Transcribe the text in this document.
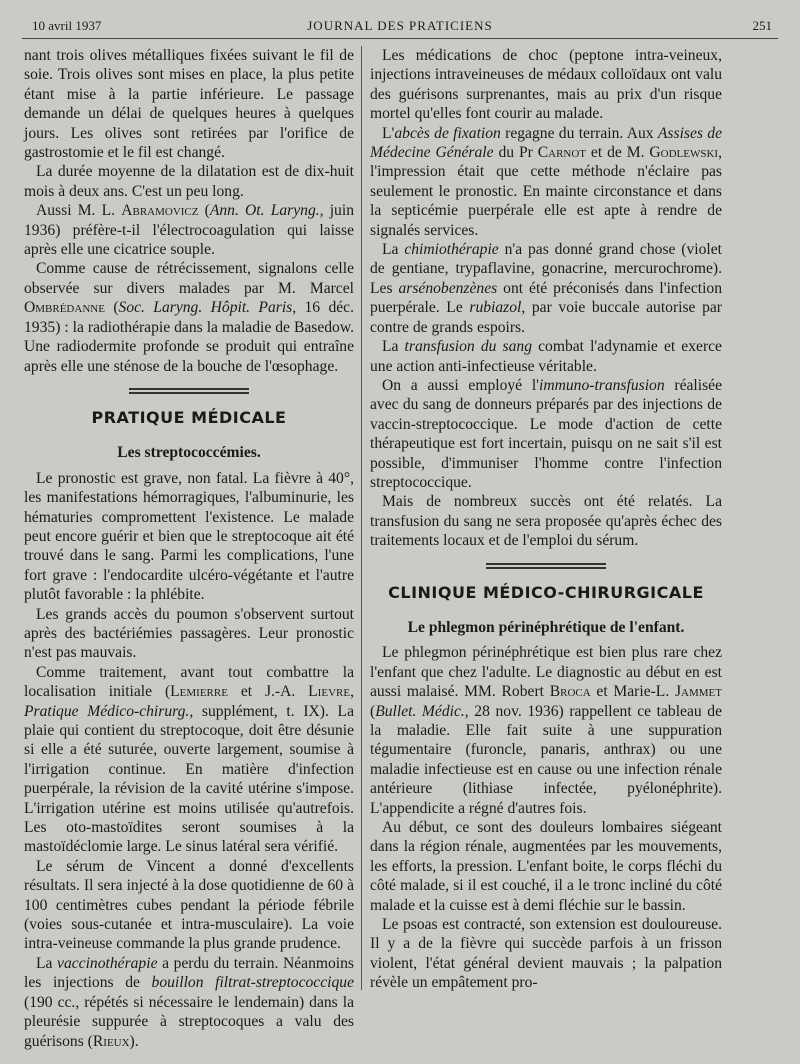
10 avril 1937	JOURNAL DES PRATICIENS	251

nant trois olives métalliques fixées suivant le fil de soie. Trois olives sont mises en place, la plus petite étant mise à la partie inférieure. Le passage demande un délai de quelques heures à quelques jours. Les olives sont retirées par l'orifice de gastrostomie et le fil est changé.

La durée moyenne de la dilatation est de dix-huit mois à deux ans. C'est un peu long.

Aussi M. L. Abramovicz (Ann. Ot. Laryng., juin 1936) préfère-t-il l'électrocoagulation qui laisse après elle une cicatrice souple.

Comme cause de rétrécissement, signalons celle observée sur divers malades par M. Marcel Ombrédanne (Soc. Laryng. Hôpit. Paris, 16 déc. 1935) : la radiothérapie dans la maladie de Basedow. Une radiodermite profonde se produit qui entraîne après elle une sténose de la bouche de l'œsophage.

PRATIQUE MÉDICALE
Les streptococcémies.

Le pronostic est grave, non fatal. La fièvre à 40°, les manifestations hémorragiques, l'albuminurie, les hématuries compromettent l'existence. Le malade peut encore guérir et bien que le streptocoque ait été trouvé dans le sang. Parmi les complications, l'une fort grave : l'endocardite ulcéro-végétante et l'autre plutôt favorable : la phlébite.

Les grands accès du poumon s'observent surtout après des bactériémies passagères. Leur pronostic n'est pas mauvais.

Comme traitement, avant tout combattre la localisation initiale (Lemierre et J.-A. Lievre, Pratique Médico-chirurg., supplément, t. IX). La plaie qui contient du streptocoque, doit être désunie si elle a été suturée, ouverte largement, soumise à l'irrigation continue. En matière d'infection puerpérale, la révision de la cavité utérine s'impose. L'irrigation utérine est moins utilisée qu'autrefois. Les oto-mastoïdites seront soumises à la mastoïdéclomie large. Le sinus latéral sera vérifié.

Le sérum de Vincent a donné d'excellents résultats. Il sera injecté à la dose quotidienne de 60 à 100 centimètres cubes pendant la période fébrile (voies sous-cutanée et intra-musculaire). La voie intra-veineuse commande la plus grande prudence.

La vaccinothérapie a perdu du terrain. Néanmoins les injections de bouillon filtrat-streptococcique (190 cc., répétés si nécessaire le lendemain) dans la pleurésie suppurée à streptocoques a valu des guérisons (Rieux).

Les médications de choc (peptone intra-veineux, injections intraveineuses de médaux colloïdaux ont valu des guérisons surprenantes, mais au prix d'un risque mortel qu'elles font courir au malade.

L'abcès de fixation regagne du terrain. Aux Assises de Médecine Générale du Pr Carnot et de M. Godlewski, l'impression était que cette méthode n'éclaire pas seulement le pronostic. En mainte circonstance et dans la septicémie puerpérale elle est apte à rendre de signalés services.

La chimiothérapie n'a pas donné grand chose (violet de gentiane, trypaflavine, gonacrine, mercurochrome). Les arsénobenzènes ont été préconisés dans l'infection puerpérale. Le rubiazol, par voie buccale autorise par contre de grands espoirs.

La transfusion du sang combat l'adynamie et exerce une action anti-infectieuse véritable.

On a aussi employé l'immuno-transfusion réalisée avec du sang de donneurs préparés par des injections de vaccin-streptococcique. Le mode d'action de cette thérapeutique est fort incertain, puisqu on ne sait s'il est possible, d'immuniser l'homme contre l'infection streptococcique.

Mais de nombreux succès ont été relatés. La transfusion du sang ne sera proposée qu'après échec des traitements locaux et de l'emploi du sérum.

CLINIQUE MÉDICO-CHIRURGICALE
Le phlegmon périnéphrétique de l'enfant.

Le phlegmon périnéphrétique est bien plus rare chez l'enfant que chez l'adulte. Le diagnostic au début en est aussi malaisé. MM. Robert Broca et Marie-L. Jammet (Bullet. Médic., 28 nov. 1936) rappellent ce tableau de la maladie. Elle fait suite à une suppuration tégumentaire (furoncle, panaris, anthrax) ou une maladie infectieuse est en cause ou une infection rénale antérieure (lithiase infectée, pyélonéphrite). L'appendicite a régné d'autres fois.

Au début, ce sont des douleurs lombaires siégeant dans la région rénale, augmentées par les mouvements, les efforts, la pression. L'enfant boite, le corps fléchi du côté malade, si il est couché, il a le tronc incliné du côté malade et la cuisse est à demi fléchie sur le bassin.

Le psoas est contracté, son extension est douloureuse. Il y a de la fièvre qui succède parfois à un frisson violent, l'état général devient mauvais ; la palpation révèle un empâtement pro-
